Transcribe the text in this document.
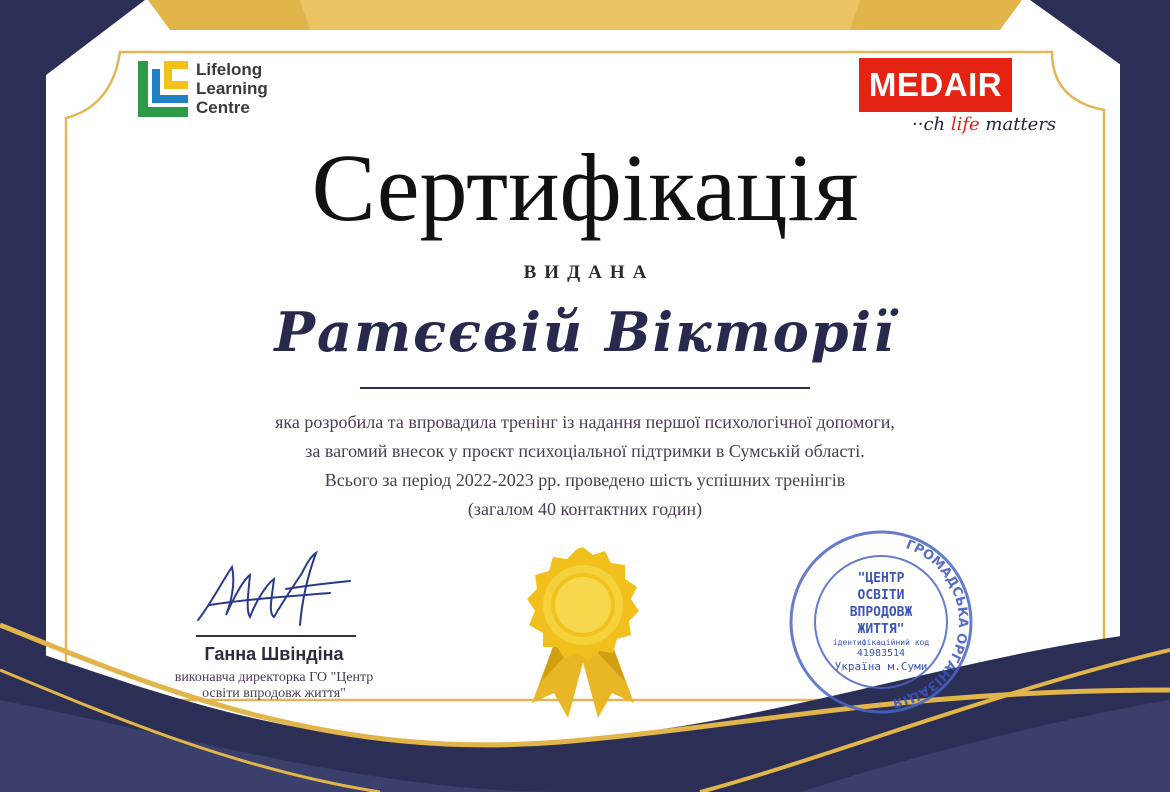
Lifelong
Learning
Centre
MEDAIR
··ch life matters
Сертифікація
ВИДАНА
Ратєєвій Вікторії
яка розробила та впровадила тренінг із надання першої психологічної допомоги,
за вагомий внесок у проєкт психоціальної підтримки в Сумській області.
Всього за період 2022-2023 рр. проведено шість успішних тренінгів
(загалом 40 контактних годин)
Ганна Швіндіна
виконавча директорка ГО "Центр
освіти впродовж життя"
ГРОМАДСЬКА ОРГАНІЗАЦІЯ
"ЦЕНТР
ОСВІТИ
ВПРОДОВЖ
ЖИТТЯ"
ідентифікаційний код
41983514
Україна м.Суми
